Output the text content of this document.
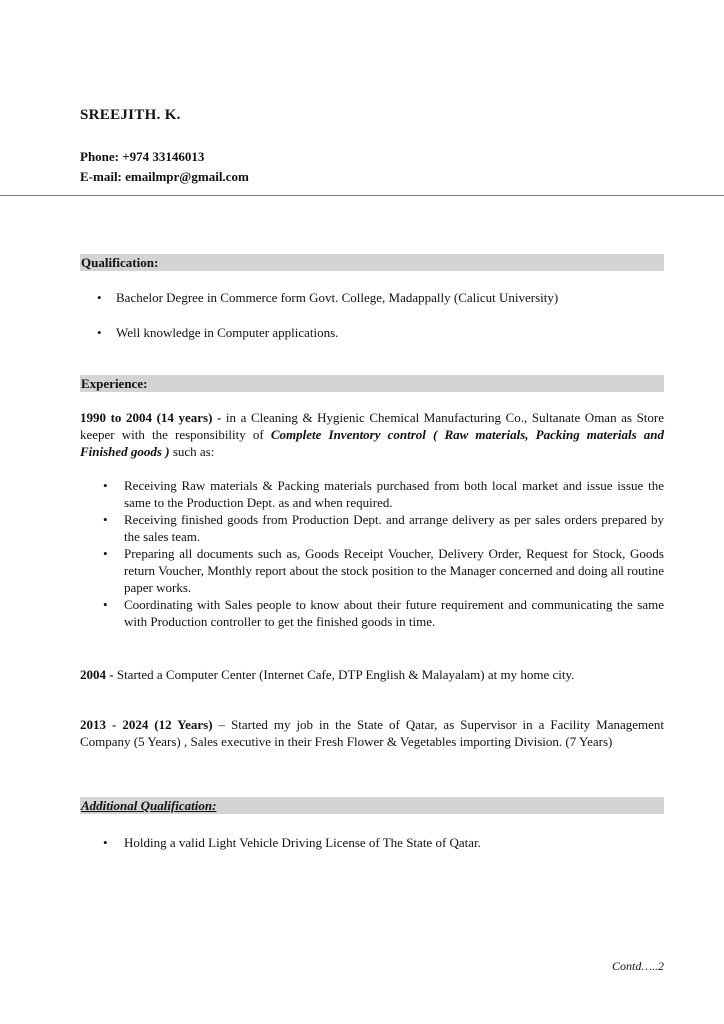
SREEJITH. K.
Phone: +974 33146013
E-mail: emailmpr@gmail.com
Qualification:
• Bachelor Degree in Commerce form Govt. College, Madappally (Calicut University)
• Well knowledge in Computer applications.
Experience:
1990 to 2004 (14 years) - in a Cleaning & Hygienic Chemical Manufacturing Co., Sultanate Oman as Store keeper with the responsibility of Complete Inventory control ( Raw materials, Packing materials and Finished goods ) such as:
• Receiving Raw materials & Packing materials purchased from both local market and issue issue the same to the Production Dept. as and when required.
• Receiving finished goods from Production Dept. and arrange delivery as per sales orders prepared by the sales team.
• Preparing all documents such as, Goods Receipt Voucher, Delivery Order, Request for Stock, Goods return Voucher, Monthly report about the stock position to the Manager concerned and doing all routine paper works.
• Coordinating with Sales people to know about their future requirement and communicating the same with Production controller to get the finished goods in time.
2004 - Started a Computer Center (Internet Cafe, DTP English & Malayalam) at my home city.
2013 - 2024 (12 Years) – Started my job in the State of Qatar, as Supervisor in a Facility Management Company (5 Years) , Sales executive in their Fresh Flower & Vegetables importing Division. (7 Years)
Additional Qualification:
• Holding a valid Light Vehicle Driving License of The State of Qatar.
Contd…..2
